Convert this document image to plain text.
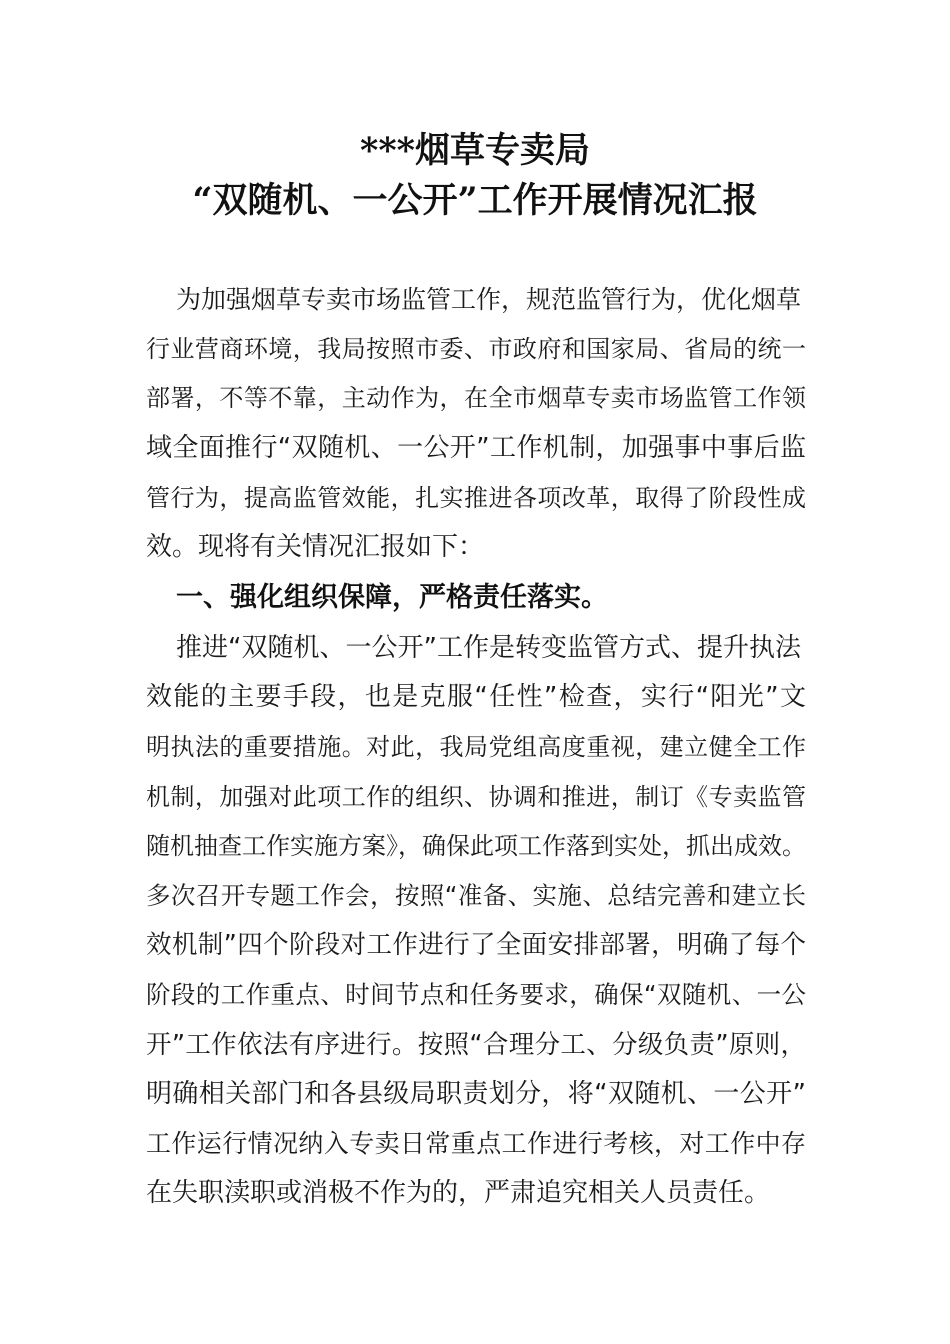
***烟草专卖局
“双随机、一公开”工作开展情况汇报
为加强烟草专卖市场监管工作，规范监管行为，优化烟草
行业营商环境，我局按照市委、市政府和国家局、省局的统一
部署，不等不靠，主动作为，在全市烟草专卖市场监管工作领
域全面推行“双随机、一公开”工作机制，加强事中事后监
管行为，提高监管效能，扎实推进各项改革，取得了阶段性成
效。现将有关情况汇报如下：
一、强化组织保障，严格责任落实。
推进“双随机、一公开”工作是转变监管方式、提升执法
效能的主要手段，也是克服“任性”检查，实行“阳光”文
明执法的重要措施。对此，我局党组高度重视，建立健全工作
机制，加强对此项工作的组织、协调和推进，制订《专卖监管
随机抽查工作实施方案》，确保此项工作落到实处，抓出成效。
多次召开专题工作会，按照“准备、实施、总结完善和建立长
效机制”四个阶段对工作进行了全面安排部署，明确了每个
阶段的工作重点、时间节点和任务要求，确保“双随机、一公
开”工作依法有序进行。按照“合理分工、分级负责”原则，
明确相关部门和各县级局职责划分，将“双随机、一公开”
工作运行情况纳入专卖日常重点工作进行考核，对工作中存
在失职渎职或消极不作为的，严肃追究相关人员责任。
